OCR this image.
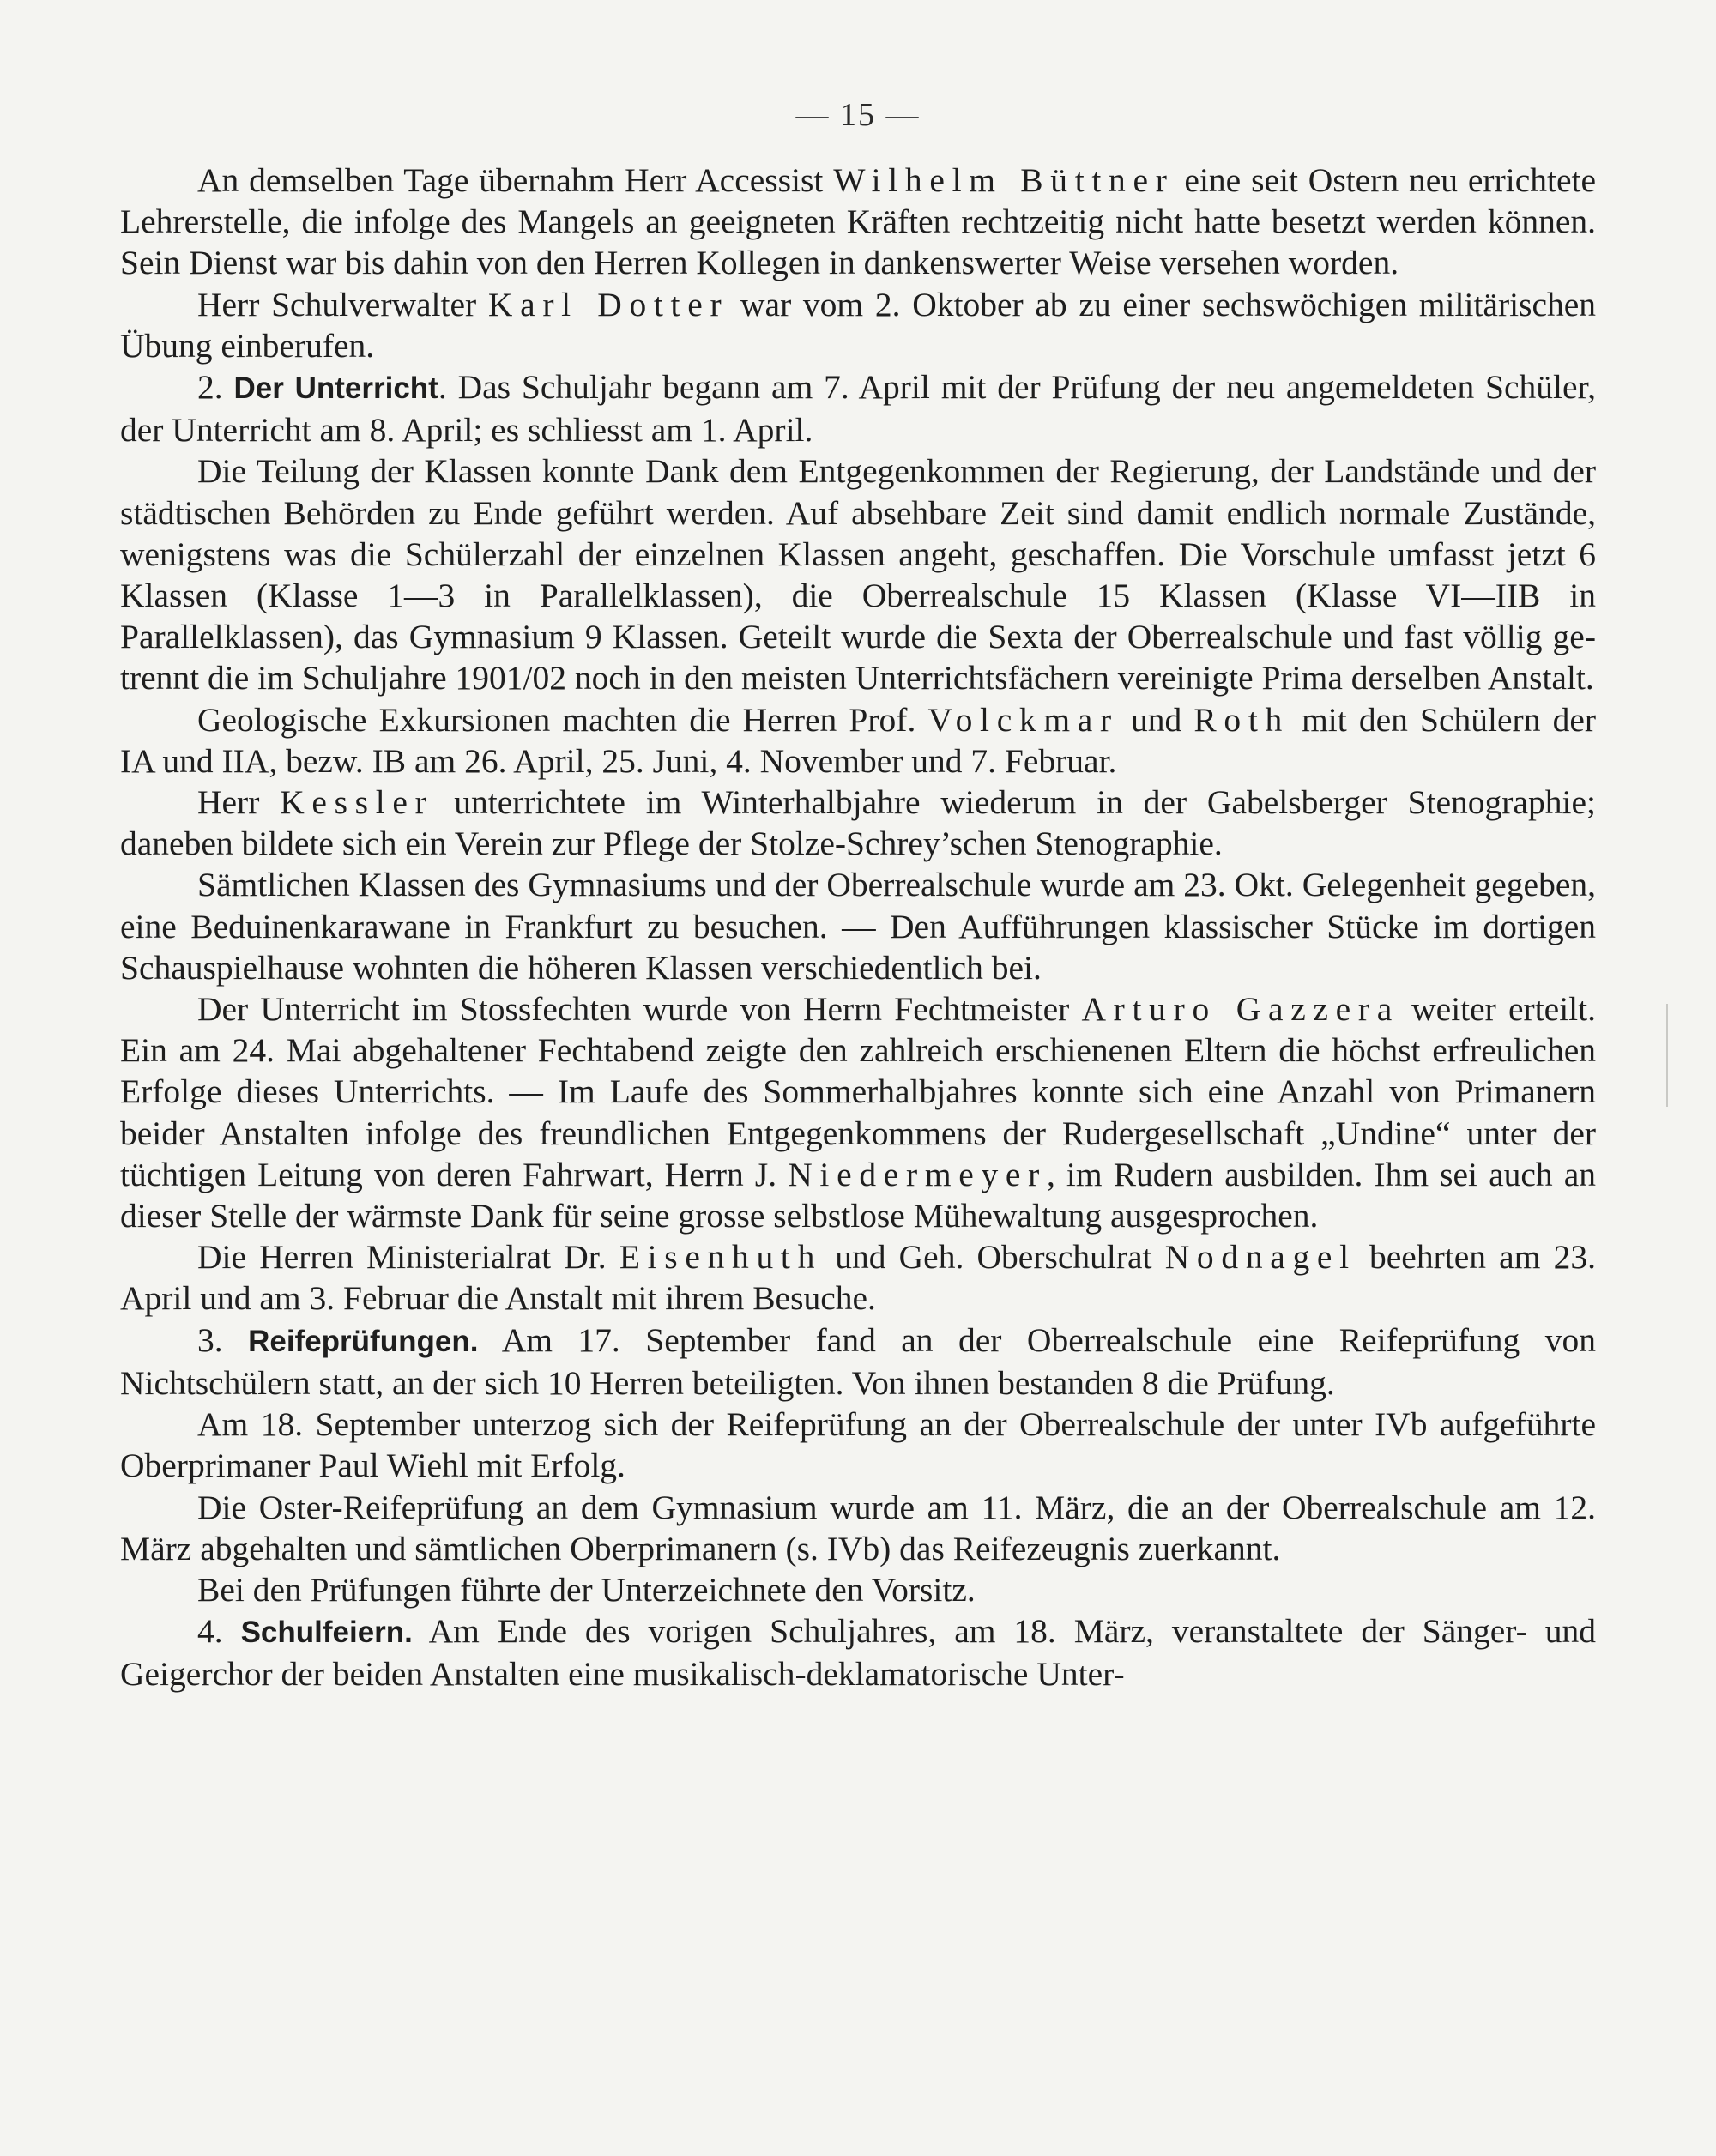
— 15 —

An demselben Tage übernahm Herr Accessist Wilhelm Büttner eine seit Ostern neu errichtete Lehrerstelle, die infolge des Mangels an geeigneten Kräften rechtzeitig nicht hatte besetzt werden können. Sein Dienst war bis dahin von den Herren Kollegen in dankenswerter Weise versehen worden.

Herr Schulverwalter Karl Dotter war vom 2. Oktober ab zu einer sechswöchigen militärischen Übung einberufen.

2. Der Unterricht. Das Schuljahr begann am 7. April mit der Prüfung der neu angemeldeten Schüler, der Unterricht am 8. April; es schliesst am 1. April.

Die Teilung der Klassen konnte Dank dem Entgegenkommen der Regierung, der Landstände und der städtischen Behörden zu Ende geführt werden. Auf absehbare Zeit sind damit endlich normale Zustände, wenigstens was die Schülerzahl der einzelnen Klassen angeht, geschaffen. Die Vorschule umfasst jetzt 6 Klassen (Klasse 1—3 in Parallelklassen), die Oberrealschule 15 Klassen (Klasse VI—IIB in Parallelklassen), das Gymnasium 9 Klassen. Geteilt wurde die Sexta der Oberrealschule und fast völlig getrennt die im Schuljahre 1901/02 noch in den meisten Unterrichtsfächern vereinigte Prima derselben Anstalt.

Geologische Exkursionen machten die Herren Prof. Volckmar und Roth mit den Schülern der IA und IIA, bezw. IB am 26. April, 25. Juni, 4. November und 7. Februar.

Herr Kessler unterrichtete im Winterhalbjahre wiederum in der Gabelsberger Stenographie; daneben bildete sich ein Verein zur Pflege der Stolze-Schrey’schen Stenographie.

Sämtlichen Klassen des Gymnasiums und der Oberrealschule wurde am 23. Okt. Gelegenheit gegeben, eine Beduinenkarawane in Frankfurt zu besuchen. — Den Aufführungen klassischer Stücke im dortigen Schauspielhause wohnten die höheren Klassen verschiedentlich bei.

Der Unterricht im Stossfechten wurde von Herrn Fechtmeister Arturo Gazzera weiter erteilt. Ein am 24. Mai abgehaltener Fechtabend zeigte den zahlreich erschienenen Eltern die höchst erfreulichen Erfolge dieses Unterrichts. — Im Laufe des Sommerhalbjahres konnte sich eine Anzahl von Primanern beider Anstalten infolge des freundlichen Entgegenkommens der Rudergesellschaft „Undine“ unter der tüchtigen Leitung von deren Fahrwart, Herrn J. Niedermeyer, im Rudern ausbilden. Ihm sei auch an dieser Stelle der wärmste Dank für seine grosse selbstlose Mühewaltung ausgesprochen.

Die Herren Ministerialrat Dr. Eisenhuth und Geh. Oberschulrat Nodnagel beehrten am 23. April und am 3. Februar die Anstalt mit ihrem Besuche.

3. Reifeprüfungen. Am 17. September fand an der Oberrealschule eine Reifeprüfung von Nichtschülern statt, an der sich 10 Herren beteiligten. Von ihnen bestanden 8 die Prüfung.

Am 18. September unterzog sich der Reifeprüfung an der Oberrealschule der unter IVb aufgeführte Oberprimaner Paul Wiehl mit Erfolg.

Die Oster-Reifeprüfung an dem Gymnasium wurde am 11. März, die an der Oberrealschule am 12. März abgehalten und sämtlichen Oberprimanern (s. IVb) das Reifezeugnis zuerkannt.

Bei den Prüfungen führte der Unterzeichnete den Vorsitz.

4. Schulfeiern. Am Ende des vorigen Schuljahres, am 18. März, veranstaltete der Sänger- und Geigerchor der beiden Anstalten eine musikalisch-deklamatorische Unter-
